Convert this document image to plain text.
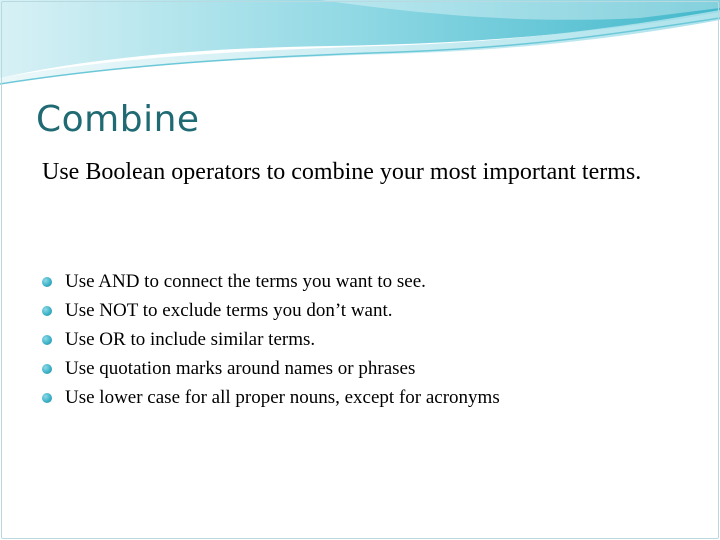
Combine
Use Boolean operators to combine your most important terms.
Use AND to connect the terms you want to see.
Use NOT to exclude terms you don’t want.
Use OR to include similar terms.
Use quotation marks around names or phrases
Use lower case for all proper nouns, except for acronyms
